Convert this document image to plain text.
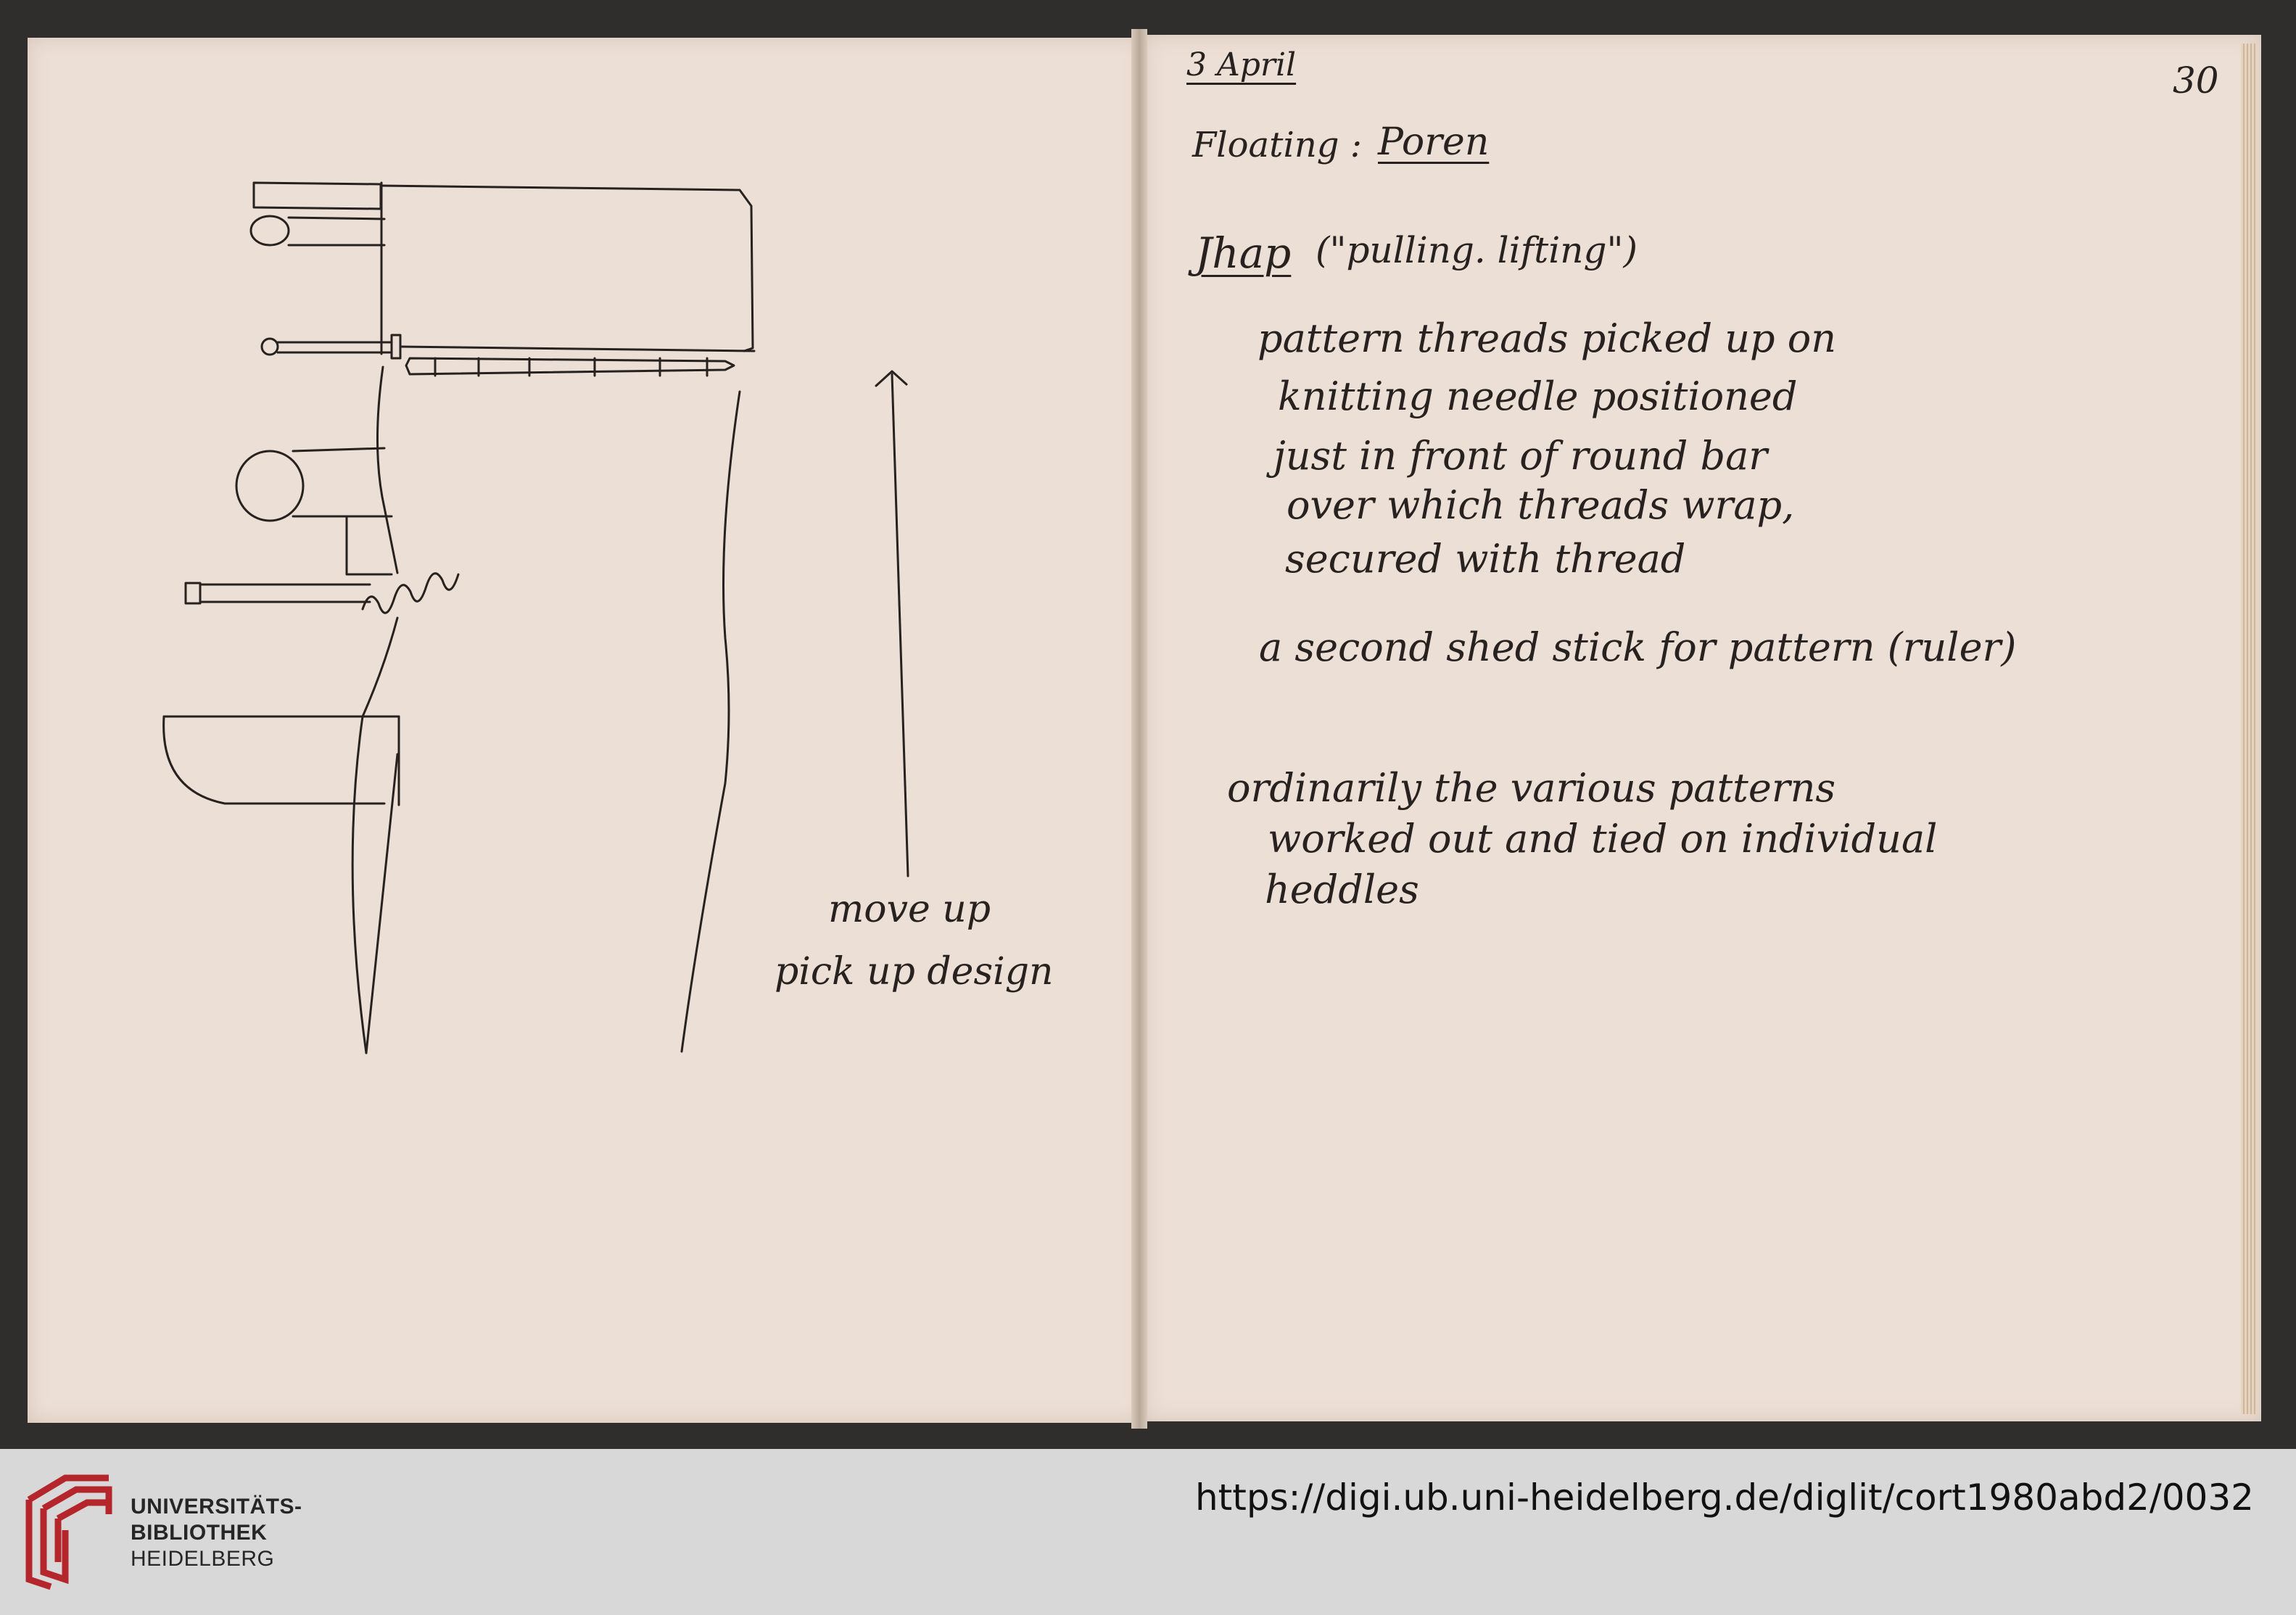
move up
pick up design
3 April	30
Floating : Poren
Jhap ("pulling. lifting")
pattern threads picked up on
knitting needle positioned
just in front of round bar
over which threads wrap,
secured with thread
a second shed stick for pattern (ruler)
ordinarily the various patterns
worked out and tied on individual
heddles
UNIVERSITÄTS-
BIBLIOTHEK
HEIDELBERG
https://digi.ub.uni-heidelberg.de/diglit/cort1980abd2/0032
